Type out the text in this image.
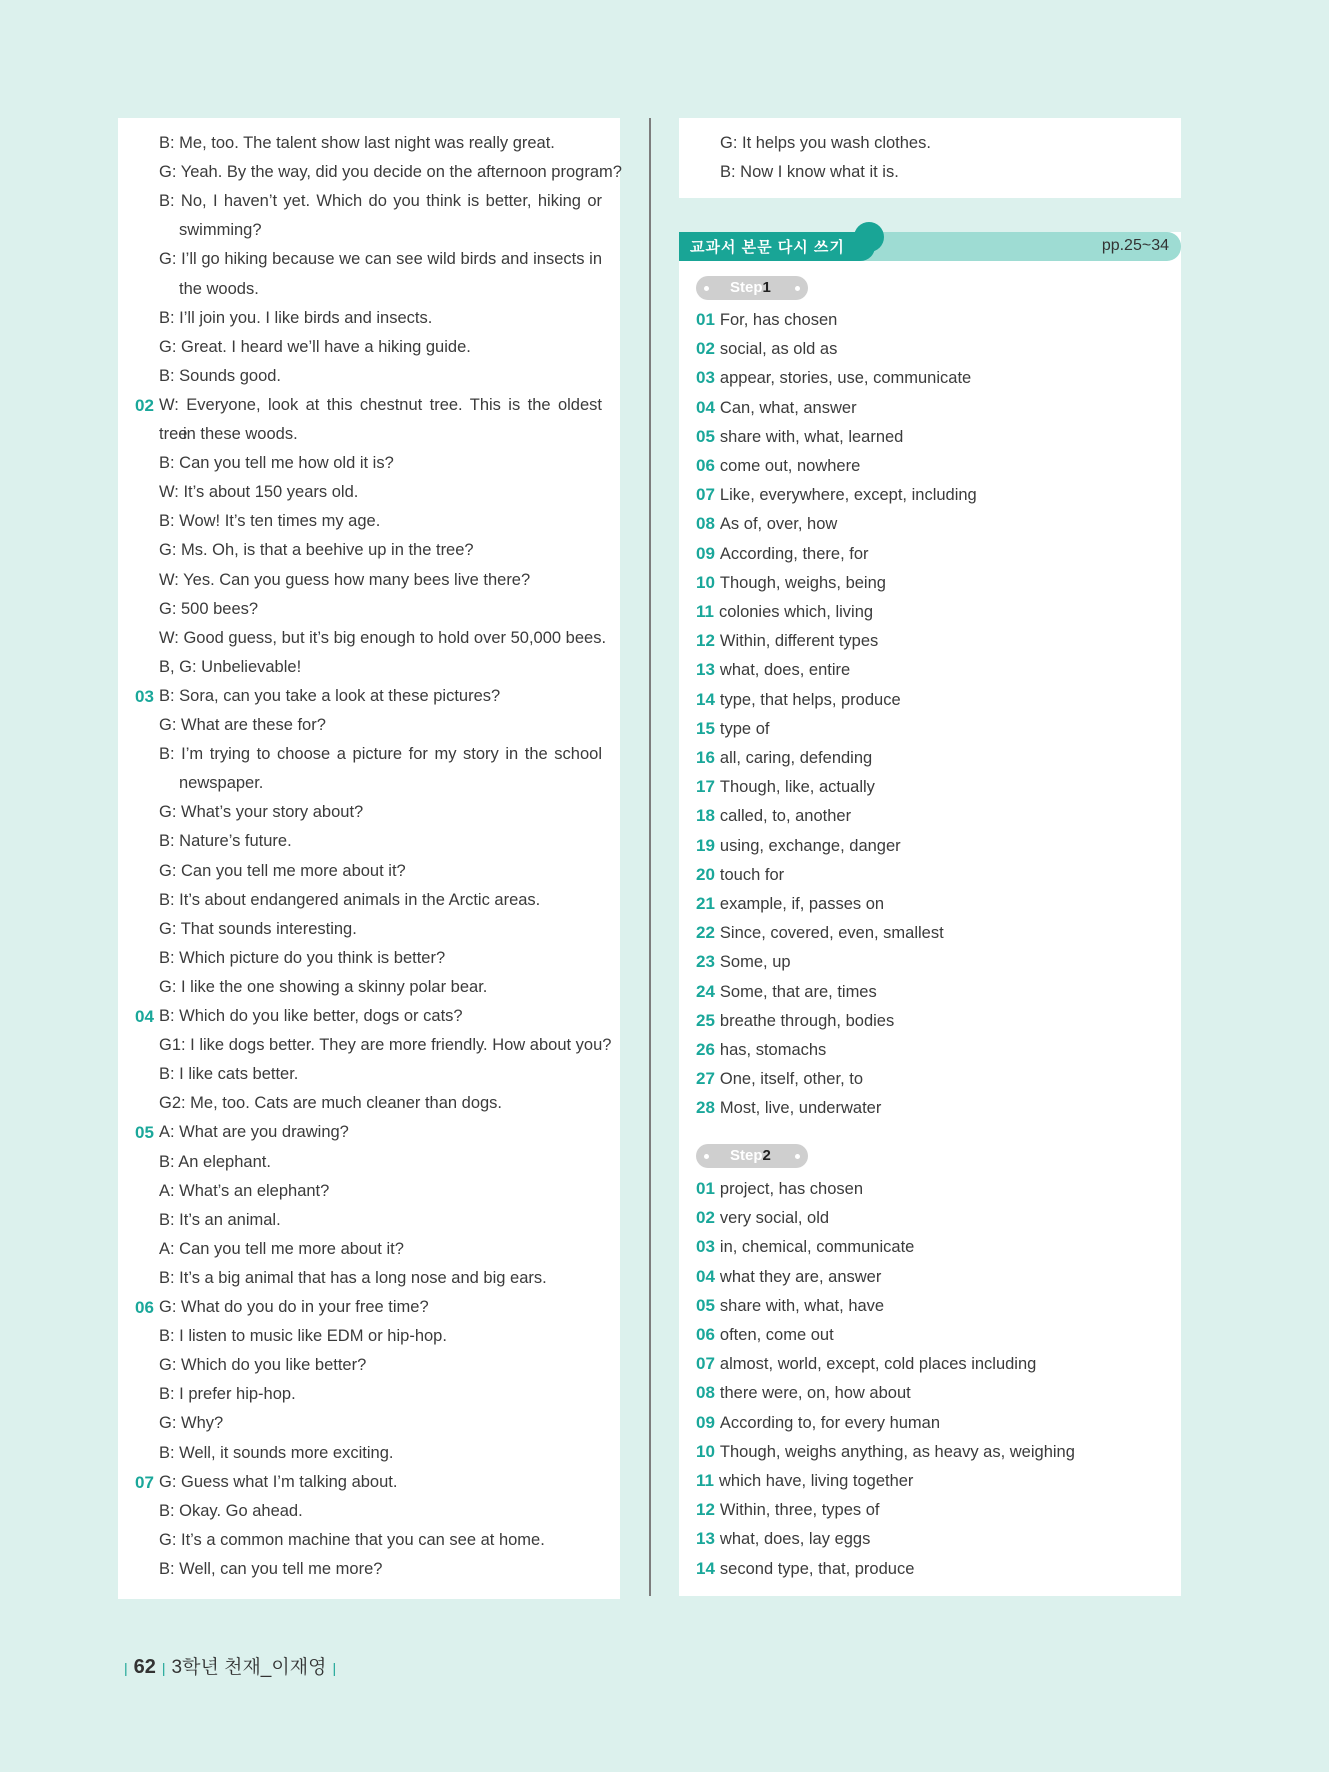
B: Me, too. The talent show last night was really great.
G: Yeah. By the way, did you decide on the afternoon program?
B: No, I haven’t yet. Which do you think is better, hiking or
swimming?
G: I’ll go hiking because we can see wild birds and insects in
the woods.
B: I’ll join you. I like birds and insects.
G: Great. I heard we’ll have a hiking guide.
B: Sounds good.
02 W: Everyone, look at this chestnut tree. This is the oldest tree
in these woods.
B: Can you tell me how old it is?
W: It’s about 150 years old.
B: Wow! It’s ten times my age.
G: Ms. Oh, is that a beehive up in the tree?
W: Yes. Can you guess how many bees live there?
G: 500 bees?
W: Good guess, but it’s big enough to hold over 50,000 bees.
B, G: Unbelievable!
03 B: Sora, can you take a look at these pictures?
G: What are these for?
B: I’m trying to choose a picture for my story in the school
newspaper.
G: What’s your story about?
B: Nature’s future.
G: Can you tell me more about it?
B: It’s about endangered animals in the Arctic areas.
G: That sounds interesting.
B: Which picture do you think is better?
G: I like the one showing a skinny polar bear.
04 B: Which do you like better, dogs or cats?
G1: I like dogs better. They are more friendly. How about you?
B: I like cats better.
G2: Me, too. Cats are much cleaner than dogs.
05 A: What are you drawing?
B: An elephant.
A: What’s an elephant?
B: It’s an animal.
A: Can you tell me more about it?
B: It’s a big animal that has a long nose and big ears.
06 G: What do you do in your free time?
B: I listen to music like EDM or hip-hop.
G: Which do you like better?
B: I prefer hip-hop.
G: Why?
B: Well, it sounds more exciting.
07 G: Guess what I’m talking about.
B: Okay. Go ahead.
G: It’s a common machine that you can see at home.
B: Well, can you tell me more?
G: It helps you wash clothes.
B: Now I know what it is.
교과서 본문 다시 쓰기	pp.25~34
Step1
01 For, has chosen
02 social, as old as
03 appear, stories, use, communicate
04 Can, what, answer
05 share with, what, learned
06 come out, nowhere
07 Like, everywhere, except, including
08 As of, over, how
09 According, there, for
10 Though, weighs, being
11 colonies which, living
12 Within, different types
13 what, does, entire
14 type, that helps, produce
15 type of
16 all, caring, defending
17 Though, like, actually
18 called, to, another
19 using, exchange, danger
20 touch for
21 example, if, passes on
22 Since, covered, even, smallest
23 Some, up
24 Some, that are, times
25 breathe through, bodies
26 has, stomachs
27 One, itself, other, to
28 Most, live, underwater
Step2
01 project, has chosen
02 very social, old
03 in, chemical, communicate
04 what they are, answer
05 share with, what, have
06 often, come out
07 almost, world, except, cold places including
08 there were, on, how about
09 According to, for every human
10 Though, weighs anything, as heavy as, weighing
11 which have, living together
12 Within, three, types of
13 what, does, lay eggs
14 second type, that, produce
| 62 | 3학년 천재_이재영 |
